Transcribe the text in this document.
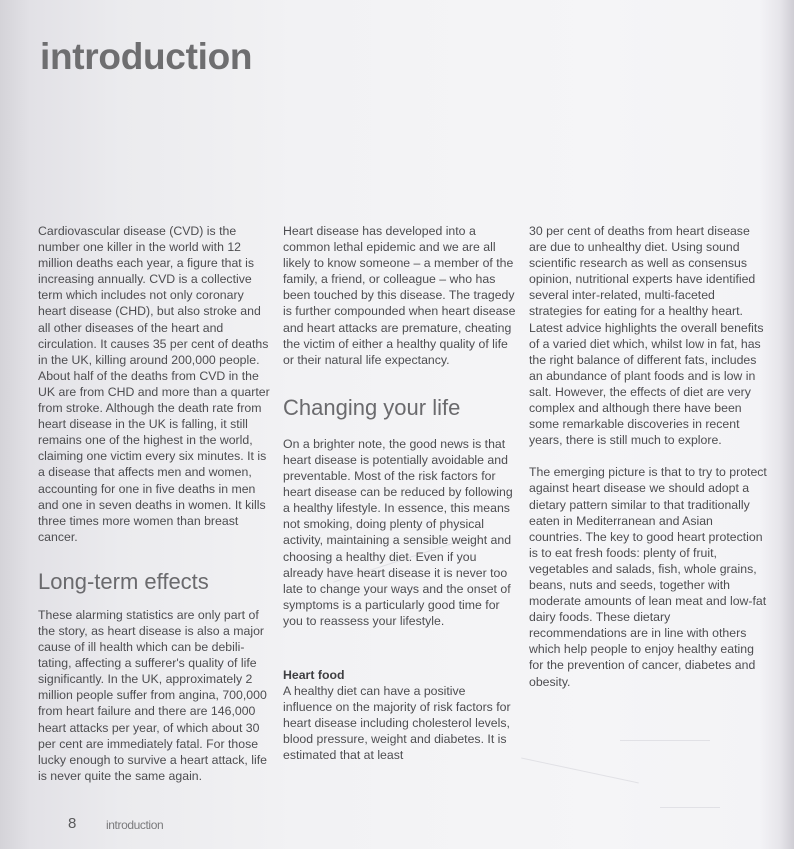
introduction

Cardiovascular disease (CVD) is the number one killer in the world with 12 million deaths each year, a figure that is increasing annually. CVD is a collective term which includes not only coronary heart disease (CHD), but also stroke and all other diseases of the heart and circulation. It causes 35 per cent of deaths in the UK, killing around 200,000 people. About half of the deaths from CVD in the UK are from CHD and more than a quarter from stroke. Although the death rate from heart disease in the UK is falling, it still remains one of the highest in the world, claiming one victim every six minutes. It is a disease that affects men and women, accounting for one in five deaths in men and one in seven deaths in women. It kills three times more women than breast cancer.

Long-term effects

These alarming statistics are only part of the story, as heart disease is also a major cause of ill health which can be debili-tating, affecting a sufferer's quality of life significantly. In the UK, approximately 2 million people suffer from angina, 700,000 from heart failure and there are 146,000 heart attacks per year, of which about 30 per cent are immediately fatal. For those lucky enough to survive a heart attack, life is never quite the same again.

Heart disease has developed into a common lethal epidemic and we are all likely to know someone – a member of the family, a friend, or colleague – who has been touched by this disease. The tragedy is further compounded when heart disease and heart attacks are premature, cheating the victim of either a healthy quality of life or their natural life expectancy.

Changing your life

On a brighter note, the good news is that heart disease is potentially avoidable and preventable. Most of the risk factors for heart disease can be reduced by following a healthy lifestyle. In essence, this means not smoking, doing plenty of physical activity, maintaining a sensible weight and choosing a healthy diet. Even if you already have heart disease it is never too late to change your ways and the onset of symptoms is a particularly good time for you to reassess your lifestyle.

Heart food

A healthy diet can have a positive influence on the majority of risk factors for heart disease including cholesterol levels, blood pressure, weight and diabetes. It is estimated that at least

30 per cent of deaths from heart disease are due to unhealthy diet. Using sound scientific research as well as consensus opinion, nutritional experts have identified several inter-related, multi-faceted strategies for eating for a healthy heart. Latest advice highlights the overall benefits of a varied diet which, whilst low in fat, has the right balance of different fats, includes an abundance of plant foods and is low in salt. However, the effects of diet are very complex and although there have been some remarkable discoveries in recent years, there is still much to explore.

The emerging picture is that to try to protect against heart disease we should adopt a dietary pattern similar to that traditionally eaten in Mediterranean and Asian countries. The key to good heart protection is to eat fresh foods: plenty of fruit, vegetables and salads, fish, whole grains, beans, nuts and seeds, together with moderate amounts of lean meat and low-fat dairy foods. These dietary recommendations are in line with others which help people to enjoy healthy eating for the prevention of cancer, diabetes and obesity.

8 introduction
